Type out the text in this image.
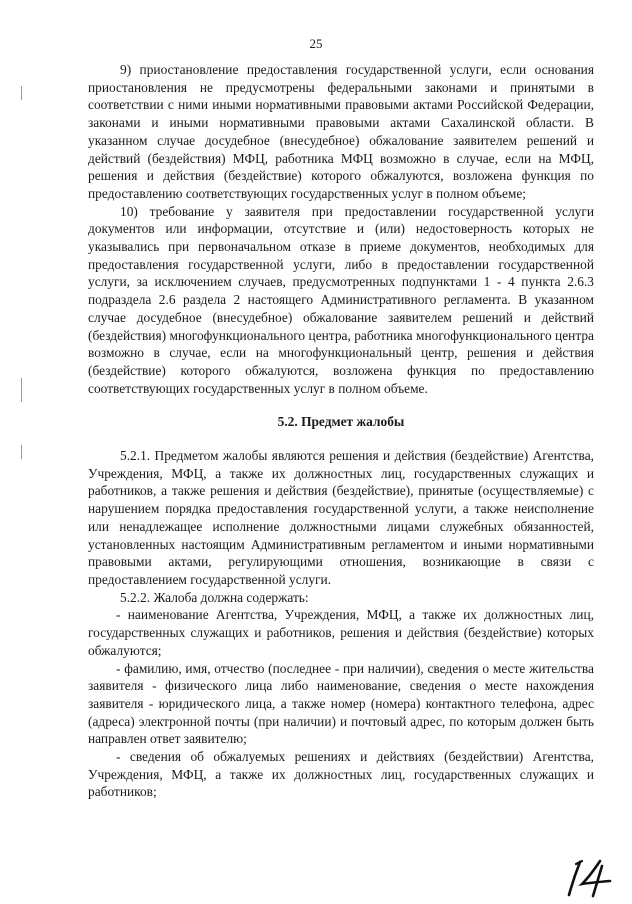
25

9) приостановление предоставления государственной услуги, если основания приостановления не предусмотрены федеральными законами и принятыми в соответствии с ними иными нормативными правовыми актами Российской Федерации, законами и иными нормативными правовыми актами Сахалинской области. В указанном случае досудебное (внесудебное) обжалование заявителем решений и действий (бездействия) МФЦ, работника МФЦ возможно в случае, если на МФЦ, решения и действия (бездействие) которого обжалуются, возложена функция по предоставлению соответствующих государственных услуг в полном объеме;

10) требование у заявителя при предоставлении государственной услуги документов или информации, отсутствие и (или) недостоверность которых не указывались при первоначальном отказе в приеме документов, необходимых для предоставления государственной услуги, либо в предоставлении государственной услуги, за исключением случаев, предусмотренных подпунктами 1 - 4 пункта 2.6.3 подраздела 2.6 раздела 2 настоящего Административного регламента. В указанном случае досудебное (внесудебное) обжалование заявителем решений и действий (бездействия) многофункционального центра, работника многофункционального центра возможно в случае, если на многофункциональный центр, решения и действия (бездействие) которого обжалуются, возложена функция по предоставлению соответствующих государственных услуг в полном объеме.

5.2. Предмет жалобы

5.2.1. Предметом жалобы являются решения и действия (бездействие) Агентства, Учреждения, МФЦ, а также их должностных лиц, государственных служащих и работников, а также решения и действия (бездействие), принятые (осуществляемые) с нарушением порядка предоставления государственной услуги, а также неисполнение или ненадлежащее исполнение должностными лицами служебных обязанностей, установленных настоящим Административным регламентом и иными нормативными правовыми актами, регулирующими отношения, возникающие в связи с предоставлением государственной услуги.

5.2.2. Жалоба должна содержать:

- наименование Агентства, Учреждения, МФЦ, а также их должностных лиц, государственных служащих и работников, решения и действия (бездействие) которых обжалуются;

- фамилию, имя, отчество (последнее - при наличии), сведения о месте жительства заявителя - физического лица либо наименование, сведения о месте нахождения заявителя - юридического лица, а также номер (номера) контактного телефона, адрес (адреса) электронной почты (при наличии) и почтовый адрес, по которым должен быть направлен ответ заявителю;

- сведения об обжалуемых решениях и действиях (бездействии) Агентства, Учреждения, МФЦ, а также их должностных лиц, государственных служащих и работников;
